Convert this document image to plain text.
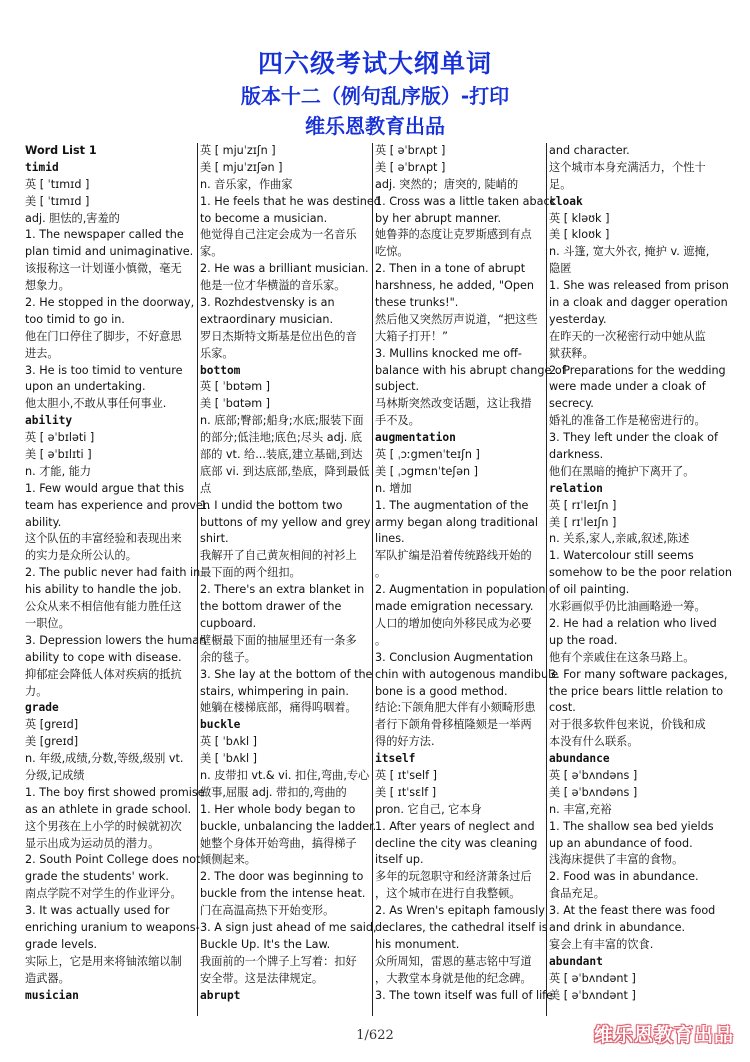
四六级考试大纲单词
版本十二（例句乱序版）-打印
维乐恩教育出品
Word List 1
timid
英 [ ˈtɪmɪd ]
美 [ ˈtɪmɪd ]
adj. 胆怯的,害羞的
1. The newspaper called the
plan timid and unimaginative.
该报称这一计划谨小慎微，毫无
想象力。
2. He stopped in the doorway,
too timid to go in.
他在门口停住了脚步，不好意思
进去。
3. He is too timid to venture
upon an undertaking.
他太胆小,不敢从事任何事业.
ability
英 [ əˈbɪləti ]
美 [ əˈbɪlɪti ]
n. 才能, 能力
1. Few would argue that this
team has experience and proven
ability.
这个队伍的丰富经验和表现出来
的实力是众所公认的。
2. The public never had faith in
his ability to handle the job.
公众从来不相信他有能力胜任这
一职位。
3. Depression lowers the human
ability to cope with disease.
抑郁症会降低人体对疾病的抵抗
力。
grade
英 [greɪd]
美 [greɪd]
n. 年级,成绩,分数,等级,级别 vt.
分级,记成绩
1. The boy first showed promise
as an athlete in grade school.
这个男孩在上小学的时候就初次
显示出成为运动员的潜力。
2. South Point College does not
grade the students' work.
南点学院不对学生的作业评分。
3. It was actually used for
enriching uranium to weapons-
grade levels.
实际上，它是用来将铀浓缩以制
造武器。
musician
英 [ mjuˈzɪʃn ]
美 [ mjuˈzɪʃən ]
n. 音乐家，作曲家
1. He feels that he was destined
to become a musician.
他觉得自己注定会成为一名音乐
家。
2. He was a brilliant musician.
他是一位才华横溢的音乐家。
3. Rozhdestvensky is an
extraordinary musician.
罗日杰斯特文斯基是位出色的音
乐家。
bottom
英 [ ˈbɒtəm ]
美 [ ˈbɑtəm ]
n. 底部;臀部;船身;水底;服装下面
的部分;低洼地;底色;尽头 adj. 底
部的 vt. 给...装底,建立基础,到达
底部 vi. 到达底部,垫底，降到最低
点
1. I undid the bottom two
buttons of my yellow and grey
shirt.
我解开了自己黄灰相间的衬衫上
最下面的两个纽扣。
2. There's an extra blanket in
the bottom drawer of the
cupboard.
壁橱最下面的抽屉里还有一条多
余的毯子。
3. She lay at the bottom of the
stairs, whimpering in pain.
她躺在楼梯底部，痛得呜咽着。
buckle
英 [ ˈbʌkl ]
美 [ ˈbʌkl ]
n. 皮带扣 vt.& vi. 扣住,弯曲,专心
做事,屈服 adj. 带扣的,弯曲的
1. Her whole body began to
buckle, unbalancing the ladder.
她整个身体开始弯曲，搞得梯子
倾侧起来。
2. The door was beginning to
buckle from the intense heat.
门在高温高热下开始变形。
3. A sign just ahead of me said,
Buckle Up. It's the Law.
我面前的一个牌子上写着：扣好
安全带。这是法律规定。
abrupt
英 [ əˈbrʌpt ]
美 [ əˈbrʌpt ]
adj. 突然的；唐突的, 陡峭的
1. Cross was a little taken aback
by her abrupt manner.
她鲁莽的态度让克罗斯感到有点
吃惊。
2. Then in a tone of abrupt
harshness, he added, "Open
these trunks!".
然后他又突然厉声说道，“把这些
大箱子打开！”
3. Mullins knocked me off-
balance with his abrupt change of
subject.
马林斯突然改变话题，这让我措
手不及。
augmentation
英 [ ˌɔːgmenˈteɪʃn ]
美 [ ˌɔgmɛnˈteʃən ]
n. 增加
1. The augmentation of the
army began along traditional
lines.
军队扩编是沿着传统路线开始的
。
2. Augmentation in population
made emigration necessary.
人口的增加使向外移民成为必要
。
3. Conclusion Augmentation
chin with autogenous mandibule
bone is a good method.
结论:下颌角肥大伴有小颏畸形患
者行下颌角骨移植隆颏是一举两
得的好方法.
itself
英 [ ɪtˈself ]
美 [ ɪtˈsɛlf ]
pron. 它自己, 它本身
1. After years of neglect and
decline the city was cleaning
itself up.
多年的玩忽职守和经济萧条过后
，这个城市在进行自我整顿。
2. As Wren's epitaph famously
declares, the cathedral itself is
his monument.
众所周知，雷恩的墓志铭中写道
，大教堂本身就是他的纪念碑。
3. The town itself was full of life
and character.
这个城市本身充满活力，个性十
足。
cloak
英 [ kləʊk ]
美 [ kloʊk ]
n. 斗篷, 宽大外衣, 掩护 v. 遮掩,
隐匿
1. She was released from prison
in a cloak and dagger operation
yesterday.
在昨天的一次秘密行动中她从监
狱获释。
2. Preparations for the wedding
were made under a cloak of
secrecy.
婚礼的准备工作是秘密进行的。
3. They left under the cloak of
darkness.
他们在黑暗的掩护下离开了。
relation
英 [ rɪˈleɪʃn ]
美 [ rɪˈleɪʃn ]
n. 关系,家人,亲戚,叙述,陈述
1. Watercolour still seems
somehow to be the poor relation
of oil painting.
水彩画似乎仍比油画略逊一筹。
2. He had a relation who lived
up the road.
他有个亲戚住在这条马路上。
3. For many software packages,
the price bears little relation to
cost.
对于很多软件包来说，价钱和成
本没有什么联系。
abundance
英 [ əˈbʌndəns ]
美 [ əˈbʌndəns ]
n. 丰富,充裕
1. The shallow sea bed yields
up an abundance of food.
浅海床提供了丰富的食物。
2. Food was in abundance.
食品充足。
3. At the feast there was food
and drink in abundance.
宴会上有丰富的饮食.
abundant
英 [ əˈbʌndənt ]
美 [ əˈbʌndənt ]
1/622	维乐恩教育出品
